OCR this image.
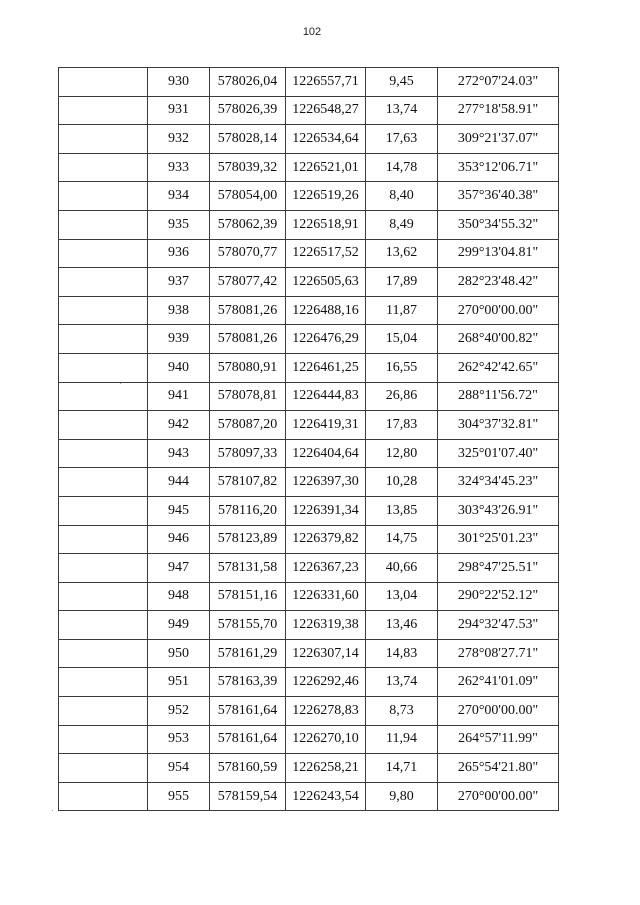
102
	930	578026,04	1226557,71	9,45	272°07'24.03"
	931	578026,39	1226548,27	13,74	277°18'58.91"
	932	578028,14	1226534,64	17,63	309°21'37.07"
	933	578039,32	1226521,01	14,78	353°12'06.71"
	934	578054,00	1226519,26	8,40	357°36'40.38"
	935	578062,39	1226518,91	8,49	350°34'55.32"
	936	578070,77	1226517,52	13,62	299°13'04.81"
	937	578077,42	1226505,63	17,89	282°23'48.42"
	938	578081,26	1226488,16	11,87	270°00'00.00"
	939	578081,26	1226476,29	15,04	268°40'00.82"
	940	578080,91	1226461,25	16,55	262°42'42.65"
	941	578078,81	1226444,83	26,86	288°11'56.72"
	942	578087,20	1226419,31	17,83	304°37'32.81"
	943	578097,33	1226404,64	12,80	325°01'07.40"
	944	578107,82	1226397,30	10,28	324°34'45.23"
	945	578116,20	1226391,34	13,85	303°43'26.91"
	946	578123,89	1226379,82	14,75	301°25'01.23"
	947	578131,58	1226367,23	40,66	298°47'25.51"
	948	578151,16	1226331,60	13,04	290°22'52.12"
	949	578155,70	1226319,38	13,46	294°32'47.53"
	950	578161,29	1226307,14	14,83	278°08'27.71"
	951	578163,39	1226292,46	13,74	262°41'01.09"
	952	578161,64	1226278,83	8,73	270°00'00.00"
	953	578161,64	1226270,10	11,94	264°57'11.99"
	954	578160,59	1226258,21	14,71	265°54'21.80"
	955	578159,54	1226243,54	9,80	270°00'00.00"
